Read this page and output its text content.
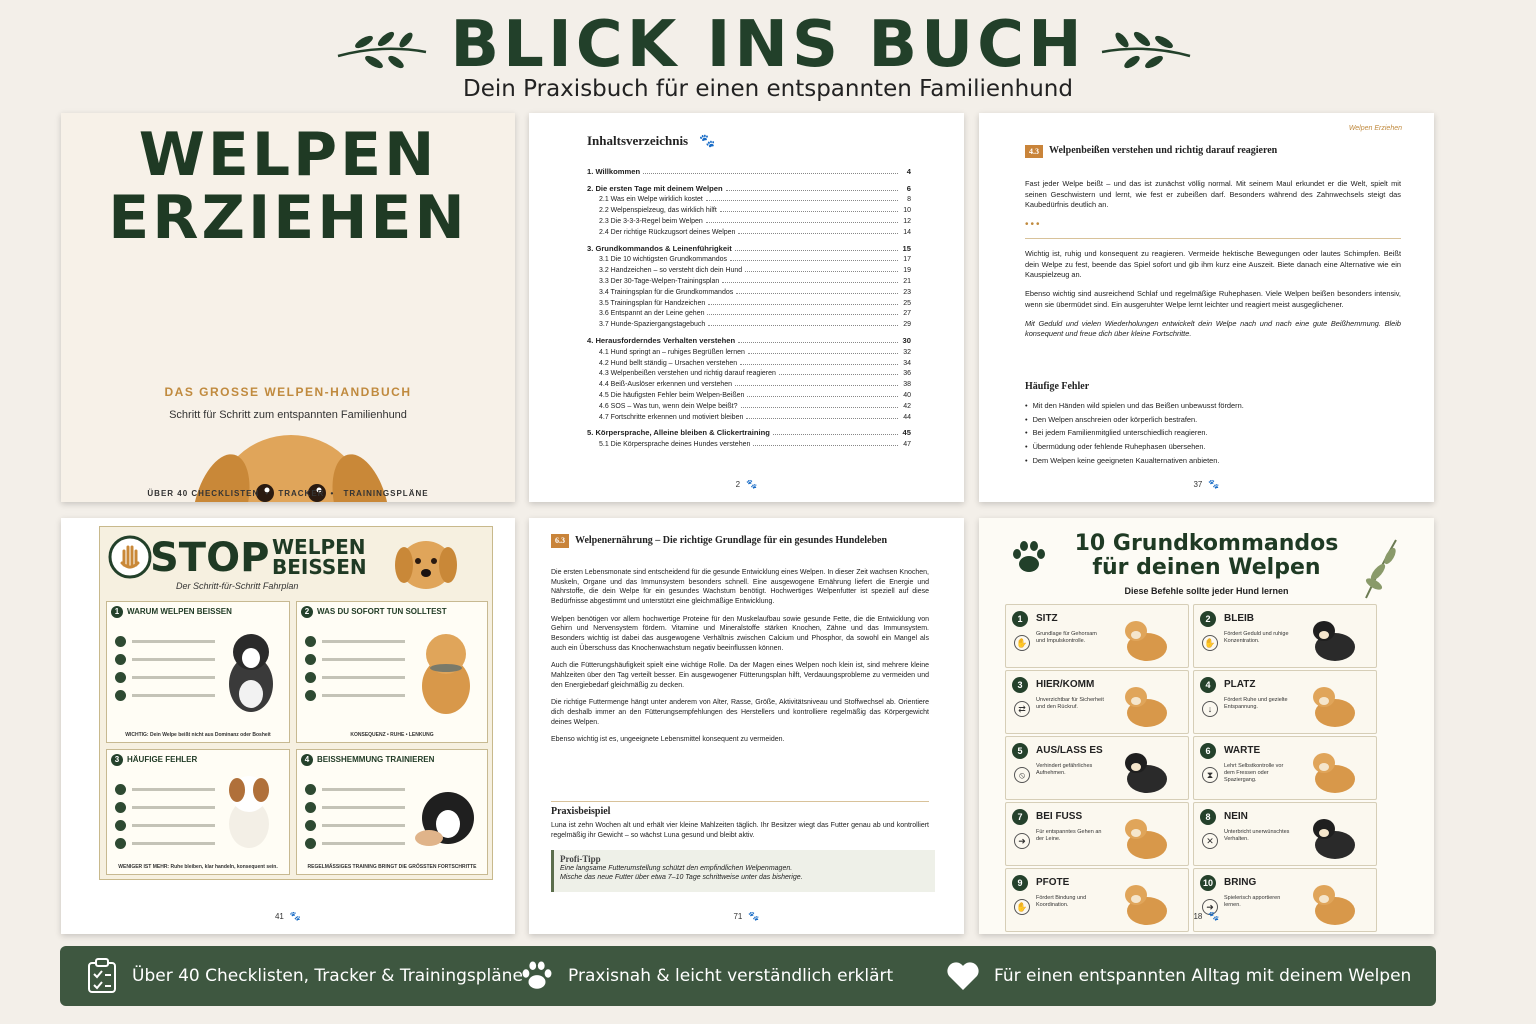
BLICK INS BUCH
Dein Praxisbuch für einen entspannten Familienhund
WELPEN
ERZIEHEN
DAS GROSSE WELPEN-HANDBUCH
Schritt für Schritt zum entspannten Familienhund
ÜBER 40 CHECKLISTEN • TRACKER • TRAININGSPLÄNE
Inhaltsverzeichnis 🐾
1. Willkommen	4
2. Die ersten Tage mit deinem Welpen	6
2.1 Was ein Welpe wirklich kostet	8
2.2 Welpenspielzeug, das wirklich hilft	10
2.3 Die 3-3-3-Regel beim Welpen	12
2.4 Der richtige Rückzugsort deines Welpen	14
3. Grundkommandos & Leinenführigkeit	15
3.1 Die 10 wichtigsten Grundkommandos	17
3.2 Handzeichen – so versteht dich dein Hund	19
3.3 Der 30-Tage-Welpen-Trainingsplan	21
3.4 Trainingsplan für die Grundkommandos	23
3.5 Trainingsplan für Handzeichen	25
3.6 Entspannt an der Leine gehen	27
3.7 Hunde-Spaziergangstagebuch	29
4. Herausforderndes Verhalten verstehen	30
4.1 Hund springt an – ruhiges Begrüßen lernen	32
4.2 Hund bellt ständig – Ursachen verstehen	34
4.3 Welpenbeißen verstehen und richtig darauf reagieren	36
4.4 Beiß-Auslöser erkennen und verstehen	38
4.5 Die häufigsten Fehler beim Welpen-Beißen	40
4.6 SOS – Was tun, wenn dein Welpe beißt?	42
4.7 Fortschritte erkennen und motiviert bleiben	44
5. Körpersprache, Alleine bleiben & Clickertraining	45
5.1 Die Körpersprache deines Hundes verstehen	47
2 🐾
Welpen Erziehen
4.3 Welpenbeißen verstehen und richtig darauf reagieren

Fast jeder Welpe beißt – und das ist zunächst völlig normal. Mit seinem Maul erkundet er die Welt, spielt mit seinen Geschwistern und lernt, wie fest er zubeißen darf. Besonders während des Zahnwechsels steigt das Kaubedürfnis deutlich an.

•••

Wichtig ist, ruhig und konsequent zu reagieren. Vermeide hektische Bewegungen oder lautes Schimpfen. Beißt dein Welpe zu fest, beende das Spiel sofort und gib ihm kurz eine Auszeit. Biete danach eine Alternative wie ein Kauspielzeug an.

Ebenso wichtig sind ausreichend Schlaf und regelmäßige Ruhephasen. Viele Welpen beißen besonders intensiv, wenn sie übermüdet sind. Ein ausgeruhter Welpe lernt leichter und reagiert meist ausgeglichener.

Mit Geduld und vielen Wiederholungen entwickelt dein Welpe nach und nach eine gute Beißhemmung. Bleib konsequent und freue dich über kleine Fortschritte.

Häufige Fehler
• Mit den Händen wild spielen und das Beißen unbewusst fördern.
• Den Welpen anschreien oder körperlich bestrafen.
• Bei jedem Familienmitglied unterschiedlich reagieren.
• Übermüdung oder fehlende Ruhephasen übersehen.
• Dem Welpen keine geeigneten Kaualternativen anbieten.
37 🐾
STOP WELPEN
BEISSEN
Der Schritt-für-Schritt Fahrplan
1 WARUM WELPEN BEISSEN
WICHTIG: Dein Welpe beißt nicht aus Dominanz oder Bosheit
2 WAS DU SOFORT TUN SOLLTEST
KONSEQUENZ • RUHE • LENKUNG
3 HÄUFIGE FEHLER
WENIGER IST MEHR: Ruhe bleiben, klar handeln, konsequent sein.
4 BEISSHEMMUNG TRAINIEREN
REGELMÄSSIGES TRAINING BRINGT DIE GRÖSSTEN FORTSCHRITTE
41 🐾
6.3 Welpenernährung – Die richtige Grundlage für ein gesundes Hundeleben

Die ersten Lebensmonate sind entscheidend für die gesunde Entwicklung eines Welpen. In dieser Zeit wachsen Knochen, Muskeln, Organe und das Immunsystem besonders schnell. Eine ausgewogene Ernährung liefert die Energie und Nährstoffe, die dein Welpe für ein gesundes Wachstum benötigt. Hochwertiges Welpenfutter ist speziell auf diese Bedürfnisse abgestimmt und unterstützt eine gleichmäßige Entwicklung.

Welpen benötigen vor allem hochwertige Proteine für den Muskelaufbau sowie gesunde Fette, die die Entwicklung von Gehirn und Nervensystem fördern. Vitamine und Mineralstoffe stärken Knochen, Zähne und das Immunsystem. Besonders wichtig ist dabei das ausgewogene Verhältnis zwischen Calcium und Phosphor, da sowohl ein Mangel als auch ein Überschuss das Knochenwachstum negativ beeinflussen können.

Auch die Fütterungshäufigkeit spielt eine wichtige Rolle. Da der Magen eines Welpen noch klein ist, sind mehrere kleine Mahlzeiten über den Tag verteilt besser. Ein ausgewogener Fütterungsplan hilft, Verdauungsprobleme zu vermeiden und den Energiebedarf gleichmäßig zu decken.

Die richtige Futtermenge hängt unter anderem von Alter, Rasse, Größe, Aktivitätsniveau und Stoffwechsel ab. Orientiere dich deshalb immer an den Fütterungsempfehlungen des Herstellers und kontrolliere regelmäßig das Körpergewicht deines Welpen.

Ebenso wichtig ist es, ungeeignete Lebensmittel konsequent zu vermeiden.

Praxisbeispiel

Luna ist zehn Wochen alt und erhält vier kleine Mahlzeiten täglich. Ihr Besitzer wiegt das Futter genau ab und kontrolliert regelmäßig ihr Gewicht – so wächst Luna gesund und bleibt aktiv.

Profi-Tipp
Eine langsame Futterumstellung schützt den empfindlichen Welpenmagen.
Mische das neue Futter über etwa 7–10 Tage schrittweise unter das bisherige.
71 🐾
10 Grundkommandos
für deinen Welpen
Diese Befehle sollte jeder Hund lernen
1	SITZ
✋
Grundlage für Gehorsam und Impulskontrolle.
2	BLEIB
✋
Fördert Geduld und ruhige Konzentration.
3	HIER/KOMM
⇄
Unverzichtbar für Sicherheit und den Rückruf.
4	PLATZ
↓
Fördert Ruhe und gezielte Entspannung.
5	AUS/LASS ES
⦸
Verhindert gefährliches Aufnehmen.
6	WARTE
⧗
Lehrt Selbstkontrolle vor dem Fressen oder Spaziergang.
7	BEI FUSS
➜
Für entspanntes Gehen an der Leine.
8	NEIN
✕
Unterbricht unerwünschtes Verhalten.
9	PFOTE
✋
Fördert Bindung und Koordination.
10	BRING
➜
Spielerisch apportieren lernen.
18 🐾
Über 40 Checklisten, Tracker & Trainingspläne	Praxisnah & leicht verständlich erklärt	Für einen entspannten Alltag mit deinem Welpen
